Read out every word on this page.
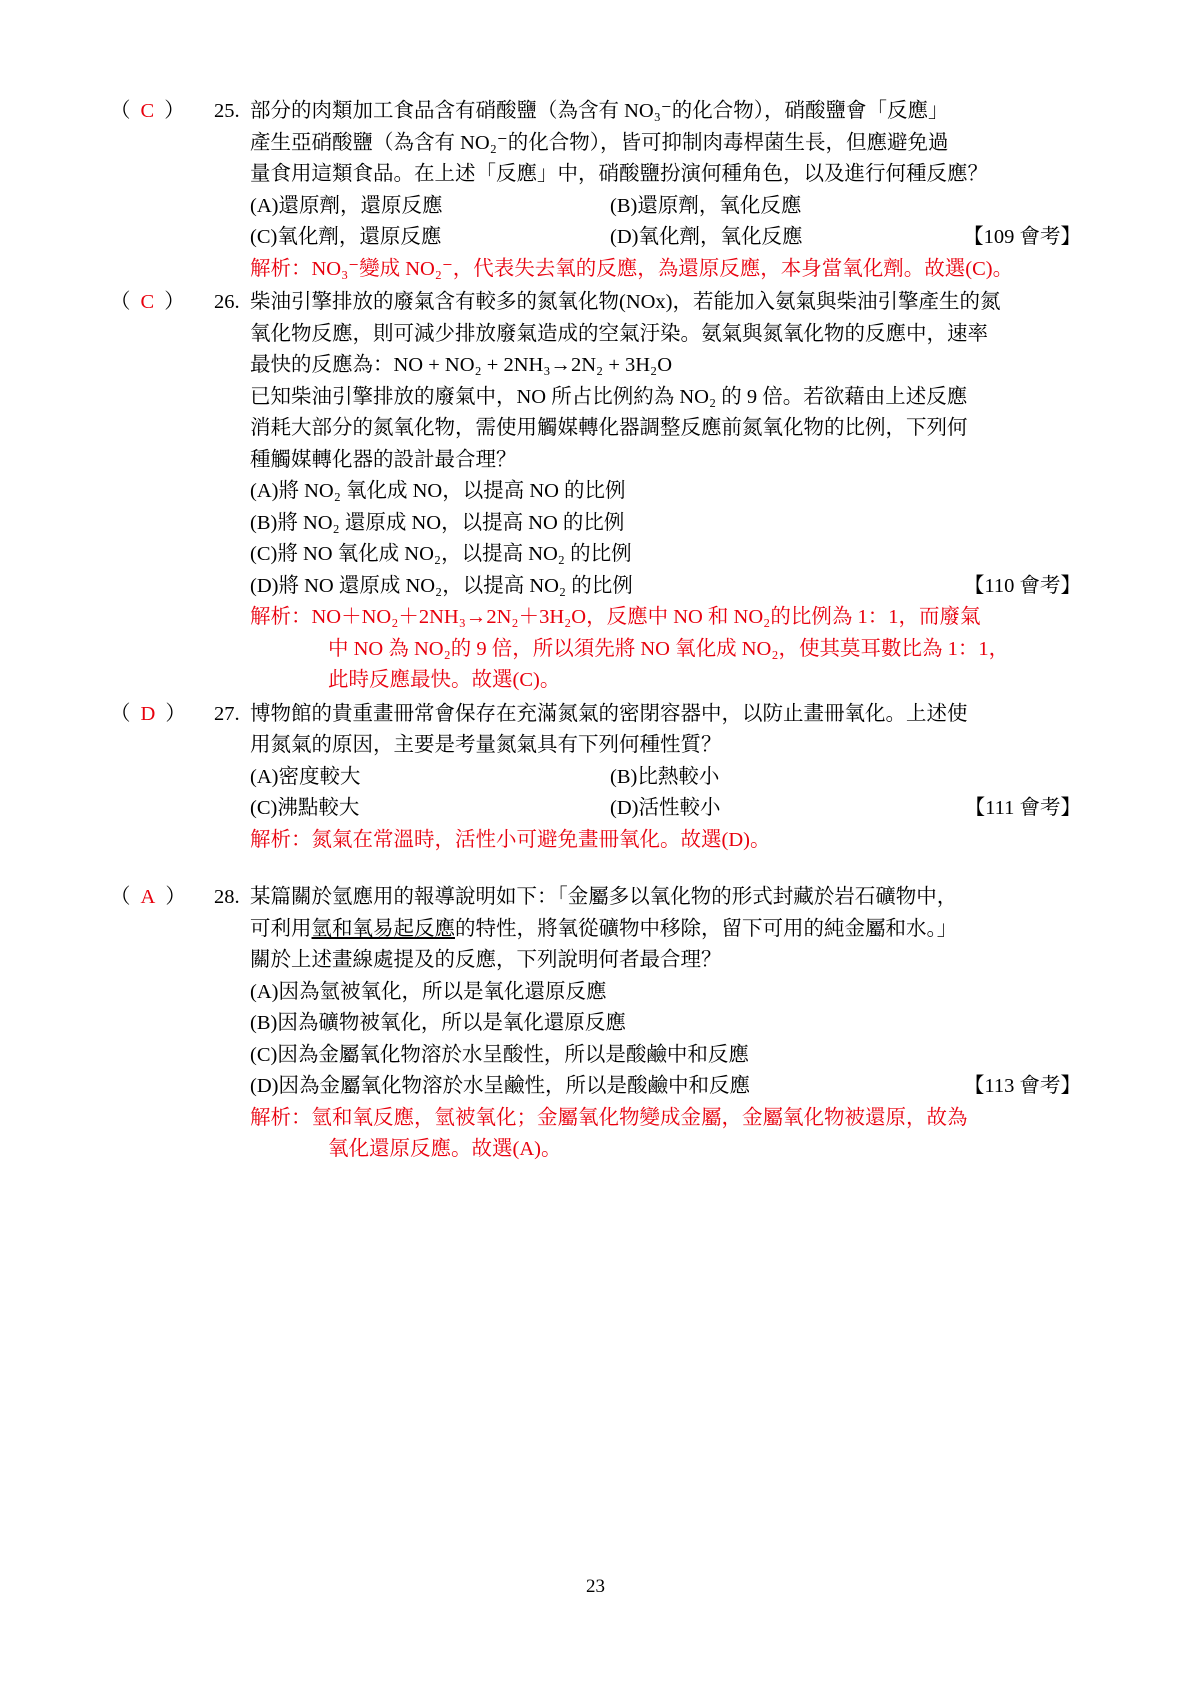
（ C ）	25. 部分的肉類加工食品含有硝酸鹽（為含有 NO₃⁻的化合物），硝酸鹽會「反應」
產生亞硝酸鹽（為含有 NO₂⁻的化合物），皆可抑制肉毒桿菌生長，但應避免過
量食用這類食品。在上述「反應」中，硝酸鹽扮演何種角色，以及進行何種反應？
(A)還原劑，還原反應	(B)還原劑，氧化反應
(C)氧化劑，還原反應	(D)氧化劑，氧化反應	【109 會考】
解析：NO₃⁻變成 NO₂⁻，代表失去氧的反應，為還原反應，本身當氧化劑。故選(C)。
（ C ）	26. 柴油引擎排放的廢氣含有較多的氮氧化物(NOx)，若能加入氨氣與柴油引擎產生的氮
氧化物反應，則可減少排放廢氣造成的空氣汙染。氨氣與氮氧化物的反應中，速率
最快的反應為：NO + NO₂ + 2NH₃→2N₂ + 3H₂O
已知柴油引擎排放的廢氣中，NO 所占比例約為 NO₂ 的 9 倍。若欲藉由上述反應
消耗大部分的氮氧化物，需使用觸媒轉化器調整反應前氮氧化物的比例，下列何
種觸媒轉化器的設計最合理？
(A)將 NO₂ 氧化成 NO，以提高 NO 的比例
(B)將 NO₂ 還原成 NO，以提高 NO 的比例
(C)將 NO 氧化成 NO₂，以提高 NO₂ 的比例
(D)將 NO 還原成 NO₂，以提高 NO₂ 的比例	【110 會考】
解析：NO＋NO₂＋2NH₃→2N₂＋3H₂O，反應中 NO 和 NO₂的比例為 1：1，而廢氣
中 NO 為 NO₂的 9 倍，所以須先將 NO 氧化成 NO₂，使其莫耳數比為 1：1，
此時反應最快。故選(C)。
（ D ）	27. 博物館的貴重畫冊常會保存在充滿氮氣的密閉容器中，以防止畫冊氧化。上述使
用氮氣的原因，主要是考量氮氣具有下列何種性質？
(A)密度較大	(B)比熱較小
(C)沸點較大	(D)活性較小	【111 會考】
解析：氮氣在常溫時，活性小可避免畫冊氧化。故選(D)。
（ A ）	28. 某篇關於氫應用的報導說明如下：「金屬多以氧化物的形式封藏於岩石礦物中，
可利用氫和氧易起反應的特性，將氧從礦物中移除，留下可用的純金屬和水。」
關於上述畫線處提及的反應，下列說明何者最合理？
(A)因為氫被氧化，所以是氧化還原反應
(B)因為礦物被氧化，所以是氧化還原反應
(C)因為金屬氧化物溶於水呈酸性，所以是酸鹼中和反應
(D)因為金屬氧化物溶於水呈鹼性，所以是酸鹼中和反應	【113 會考】
解析：氫和氧反應，氫被氧化；金屬氧化物變成金屬，金屬氧化物被還原，故為
氧化還原反應。故選(A)。
23
